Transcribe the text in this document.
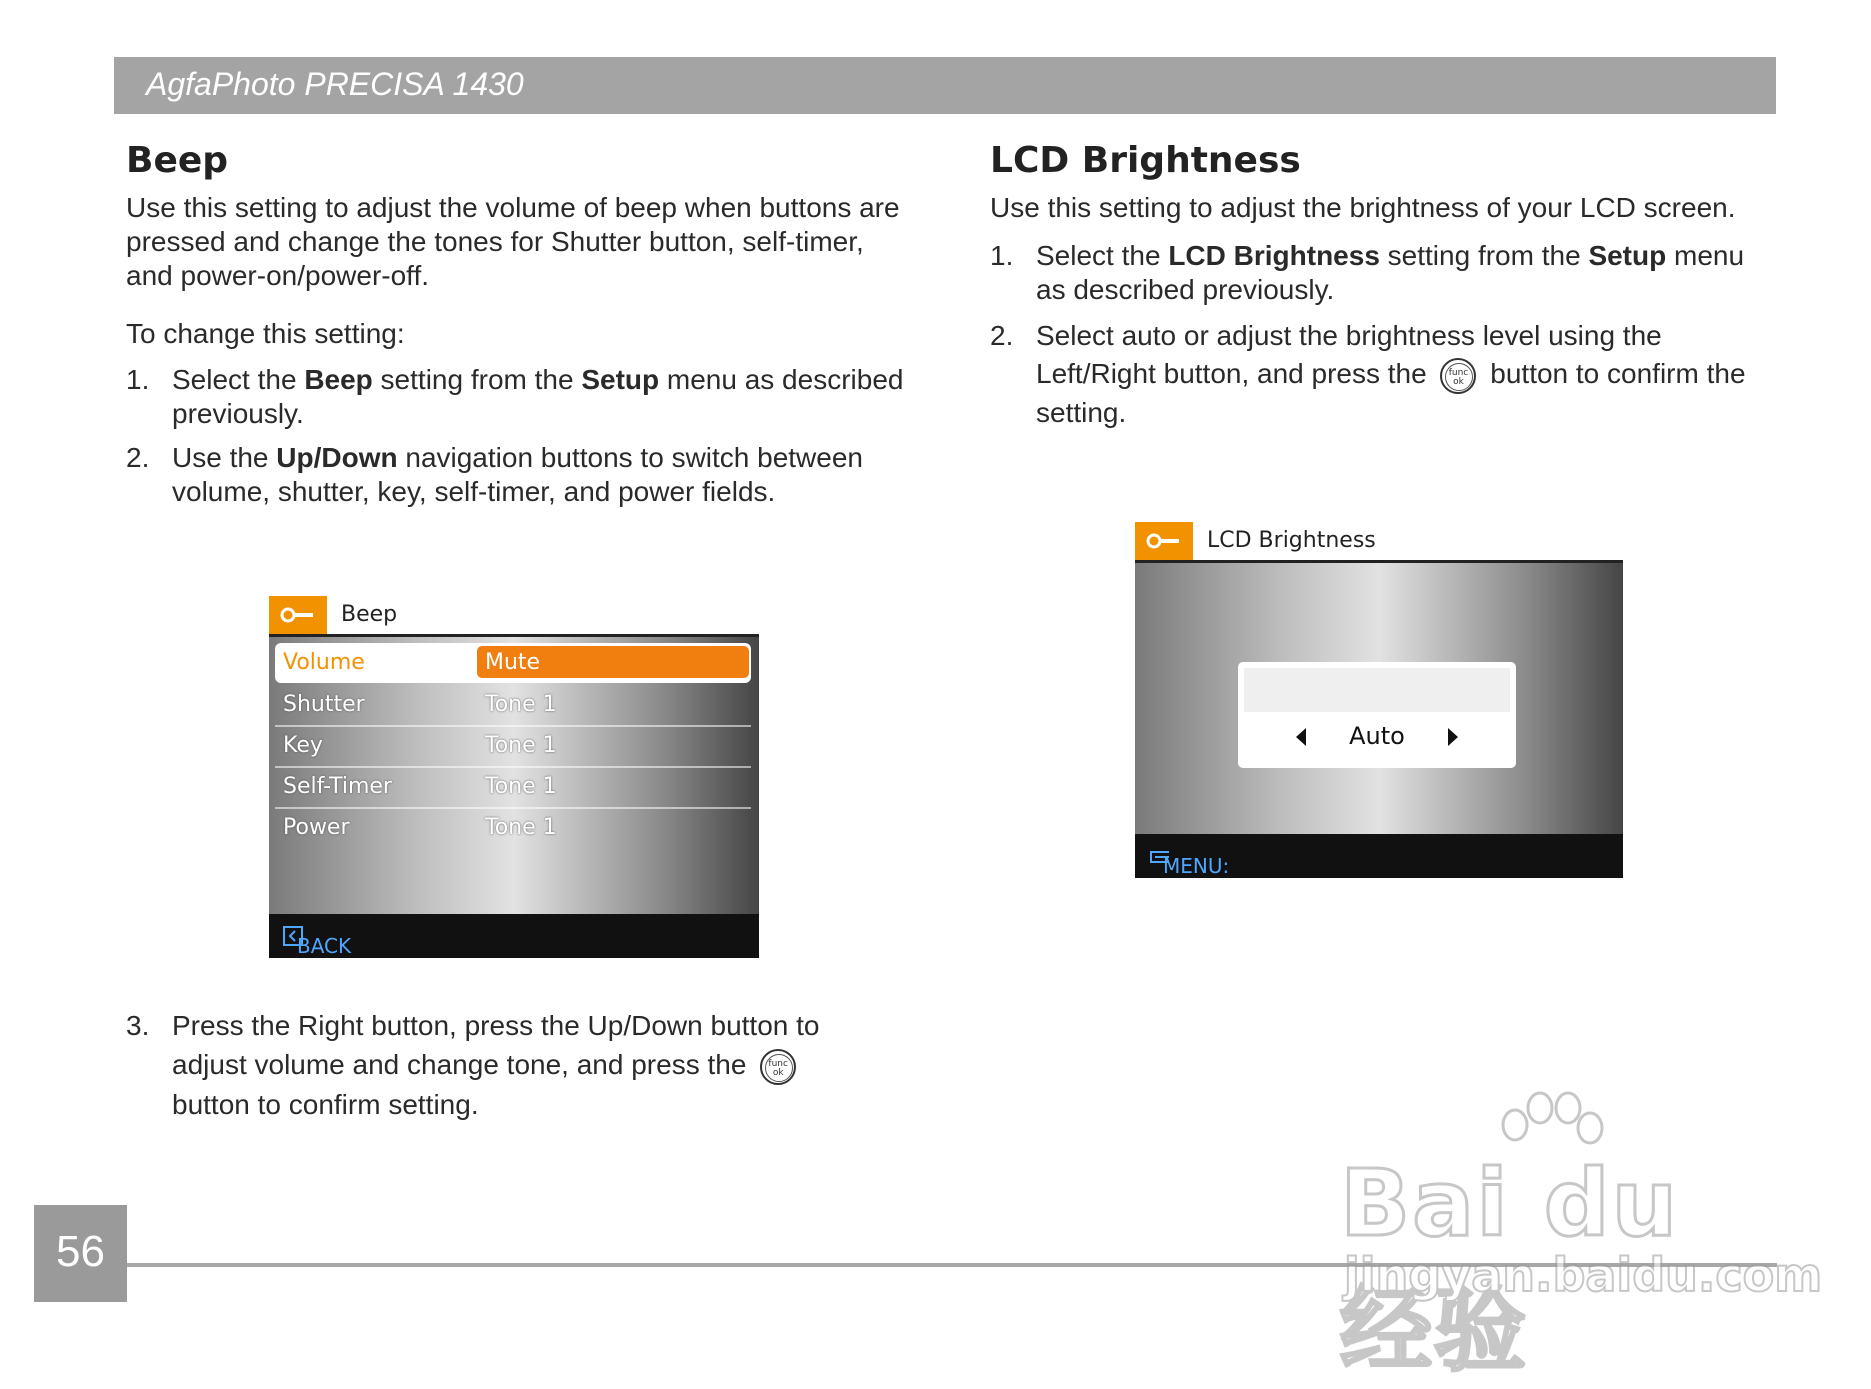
AgfaPhoto PRECISA 1430
Beep

Use this setting to adjust the volume of beep when buttons are pressed and change the tones for Shutter button, self-timer, and power-on/power-off.

To change this setting:

1. Select the Beep setting from the Setup menu as described previously.
2. Use the Up/Down navigation buttons to switch between volume, shutter, key, self-timer, and power fields.
Beep
Volume	Mute
Shutter	Tone 1
Key	Tone 1
Self-Timer	Tone 1
Power	Tone 1
BACK
3. Press the Right button, press the Up/Down button to adjust volume and change tone, and press the	func
ok
button to confirm setting.
LCD Brightness

Use this setting to adjust the brightness of your LCD screen.

1. Select the LCD Brightness setting from the Setup menu as described previously.
2. Select auto or adjust the brightness level using the Left/Right button, and press the	func
ok button to confirm the setting.
LCD Brightness
Auto
MENU:
56	Bai du 经验
jingyan.baidu.com
